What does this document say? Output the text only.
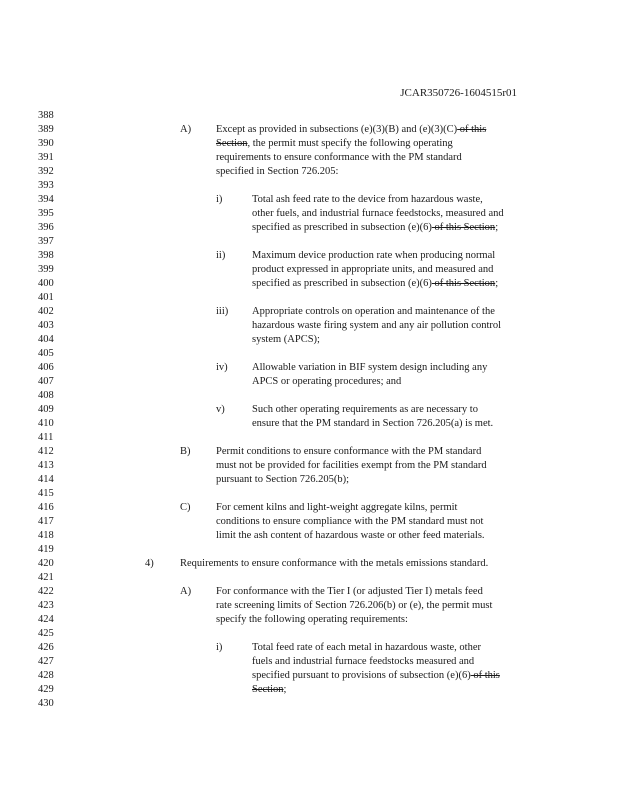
JCAR350726-1604515r01
388
389
390
391
392
393
394
395
396
397
398
399
400
401
402
403
404
405
406
407
408
409
410
411
412
413
414
415
416
417
418
419
420
421
422
423
424
425
426
427
428
429
430
A) Except as provided in subsections (e)(3)(B) and (e)(3)(C) of this
Section, the permit must specify the following operating
requirements to ensure conformance with the PM standard
specified in Section 726.205:
i)	Total ash feed rate to the device from hazardous waste,
other fuels, and industrial furnace feedstocks, measured and
specified as prescribed in subsection (e)(6) of this Section;
ii)	Maximum device production rate when producing normal
product expressed in appropriate units, and measured and
specified as prescribed in subsection (e)(6) of this Section;
iii) Appropriate controls on operation and maintenance of the
hazardous waste firing system and any air pollution control
system (APCS);
iv) Allowable variation in BIF system design including any
APCS or operating procedures; and
v)	Such other operating requirements as are necessary to
ensure that the PM standard in Section 726.205(a) is met.
B) Permit conditions to ensure conformance with the PM standard
must not be provided for facilities exempt from the PM standard
pursuant to Section 726.205(b);
C) For cement kilns and light-weight aggregate kilns, permit
conditions to ensure compliance with the PM standard must not
limit the ash content of hazardous waste or other feed materials.
4)	Requirements to ensure conformance with the metals emissions standard.
A) For conformance with the Tier I (or adjusted Tier I) metals feed
rate screening limits of Section 726.206(b) or (e), the permit must
specify the following operating requirements:
i)	Total feed rate of each metal in hazardous waste, other
fuels and industrial furnace feedstocks measured and
specified pursuant to provisions of subsection (e)(6) of this
Section;
